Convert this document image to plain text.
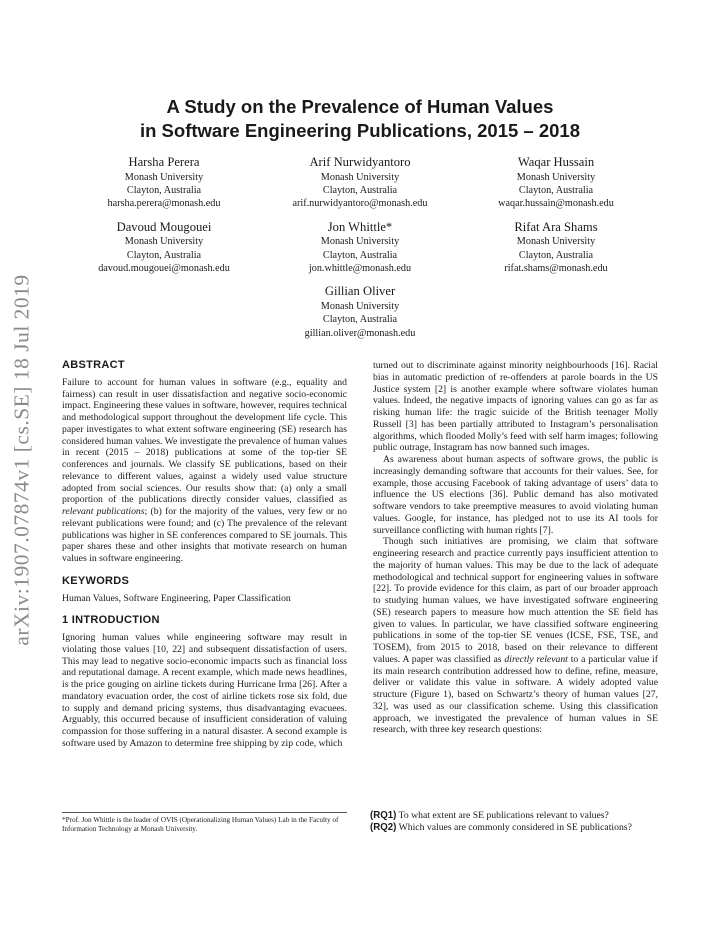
arXiv:1907.07874v1 [cs.SE] 18 Jul 2019
A Study on the Prevalence of Human Values
in Software Engineering Publications, 2015 – 2018
Harsha Perera
Monash University
Clayton, Australia
harsha.perera@monash.edu
Arif Nurwidyantoro
Monash University
Clayton, Australia
arif.nurwidyantoro@monash.edu
Waqar Hussain
Monash University
Clayton, Australia
waqar.hussain@monash.edu
Davoud Mougouei
Monash University
Clayton, Australia
davoud.mougouei@monash.edu
Jon Whittle*
Monash University
Clayton, Australia
jon.whittle@monash.edu
Rifat Ara Shams
Monash University
Clayton, Australia
rifat.shams@monash.edu
Gillian Oliver
Monash University
Clayton, Australia
gillian.oliver@monash.edu
ABSTRACT

Failure to account for human values in software (e.g., equality and fairness) can result in user dissatisfaction and negative socio-economic impact. Engineering these values in software, however, requires technical and methodological support throughout the development life cycle. This paper investigates to what extent software engineering (SE) research has considered human values. We investigate the prevalence of human values in recent (2015 – 2018) publications at some of the top-tier SE conferences and journals. We classify SE publications, based on their relevance to different values, against a widely used value structure adopted from social sciences. Our results show that: (a) only a small proportion of the publications directly consider values, classified as relevant publications; (b) for the majority of the values, very few or no relevant publications were found; and (c) The prevalence of the relevant publications was higher in SE conferences compared to SE journals. This paper shares these and other insights that motivate research on human values in software engineering.

KEYWORDS

Human Values, Software Engineering, Paper Classification

1 INTRODUCTION

Ignoring human values while engineering software may result in violating those values [10, 22] and subsequent dissatisfaction of users. This may lead to negative socio-economic impacts such as financial loss and reputational damage. A recent example, which made news headlines, is the price gouging on airline tickets during Hurricane Irma [26]. After a mandatory evacuation order, the cost of airline tickets rose six fold, due to supply and demand pricing systems, thus disadvantaging evacuees. Arguably, this occurred because of insufficient consideration of valuing compassion for those suffering in a natural disaster. A second example is software used by Amazon to determine free shipping by zip code, which

*Prof. Jon Whittle is the leader of OVIS (Operationalizing Human Values) Lab in the Faculty of Information Technology at Monash University.

turned out to discriminate against minority neighbourhoods [16]. Racial bias in automatic prediction of re-offenders at parole boards in the US Justice system [2] is another example where software violates human values. Indeed, the negative impacts of ignoring values can go as far as risking human life: the tragic suicide of the British teenager Molly Russell [3] has been partially attributed to Instagram’s personalisation algorithms, which flooded Molly’s feed with self harm images; following public outrage, Instagram has now banned such images.

As awareness about human aspects of software grows, the public is increasingly demanding software that accounts for their values. See, for example, those accusing Facebook of taking advantage of users’ data to influence the US elections [36]. Public demand has also motivated software vendors to take preemptive measures to avoid violating human values. Google, for instance, has pledged not to use its AI tools for surveillance conflicting with human rights [7].

Though such initiatives are promising, we claim that software engineering research and practice currently pays insufficient attention to the majority of human values. This may be due to the lack of adequate methodological and technical support for engineering values in software [22]. To provide evidence for this claim, as part of our broader approach to studying human values, we have investigated software engineering (SE) research papers to measure how much attention the SE field has given to values. In particular, we have classified software engineering publications in some of the top-tier SE venues (ICSE, FSE, TSE, and TOSEM), from 2015 to 2018, based on their relevance to different values. A paper was classified as directly relevant to a particular value if its main research contribution addressed how to define, refine, measure, deliver or validate this value in software. A widely adopted value structure (Figure 1), based on Schwartz’s theory of human values [27, 32], was used as our classification scheme. Using this classification approach, we investigated the prevalence of human values in SE research, with three key research questions:

(RQ1) To what extent are SE publications relevant to values?
(RQ2) Which values are commonly considered in SE publications?
